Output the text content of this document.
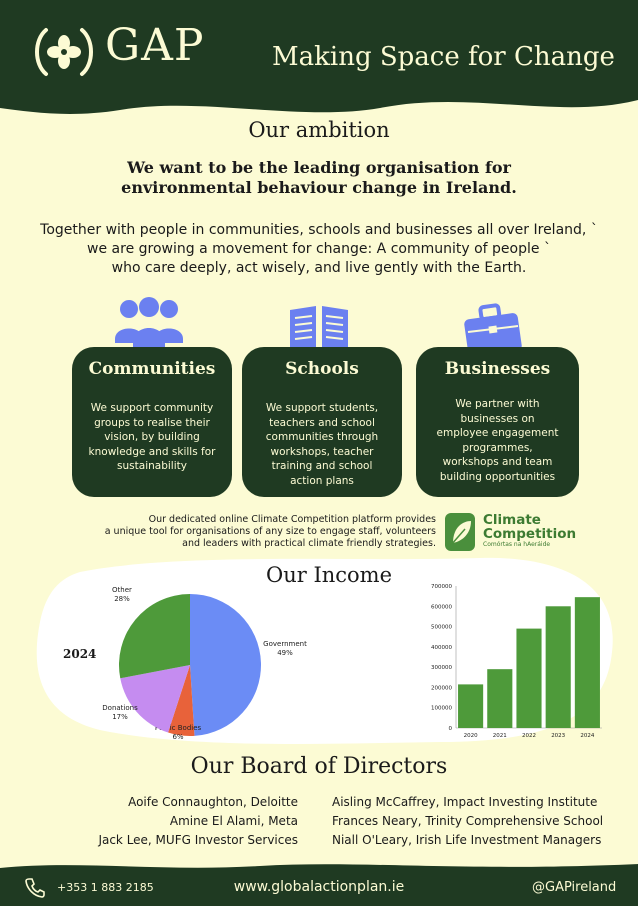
GAP	Making Space for Change
Our ambition
We want to be the leading organisation for
environmental behaviour change in Ireland.
Together with people in communities, schools and businesses all over Ireland, `
we are growing a movement for change: A community of people `
who care deeply, act wisely, and live gently with the Earth.
Communities

We support community
groups to realise their
vision, by building
knowledge and skills for
sustainability

Schools

We support students,
teachers and school
communities through
workshops, teacher
training and school
action plans

Businesses

We partner with
businesses on
employee engagement
programmes,
workshops and team
building opportunities

Our dedicated online Climate Competition platform provides
a unique tool for organisations of any size to engage staff, volunteers
and leaders with practical climate friendly strategies.
Climate
Competition
Comórtas na hAeráide
Our Income
2024
Government
49%
Public Bodies
6%
Donations
17%
Other
28%
0
100000
200000
300000
400000
500000
600000
700000
2020	2021	2022	2023	2024
Our Board of Directors
Aoife Connaughton, Deloitte
Amine El Alami, Meta
Jack Lee, MUFG Investor Services
Aisling McCaffrey, Impact Investing Institute
Frances Neary, Trinity Comprehensive School
Niall O'Leary, Irish Life Investment Managers
+353 1 883 2185	www.globalactionplan.ie	@GAPireland
